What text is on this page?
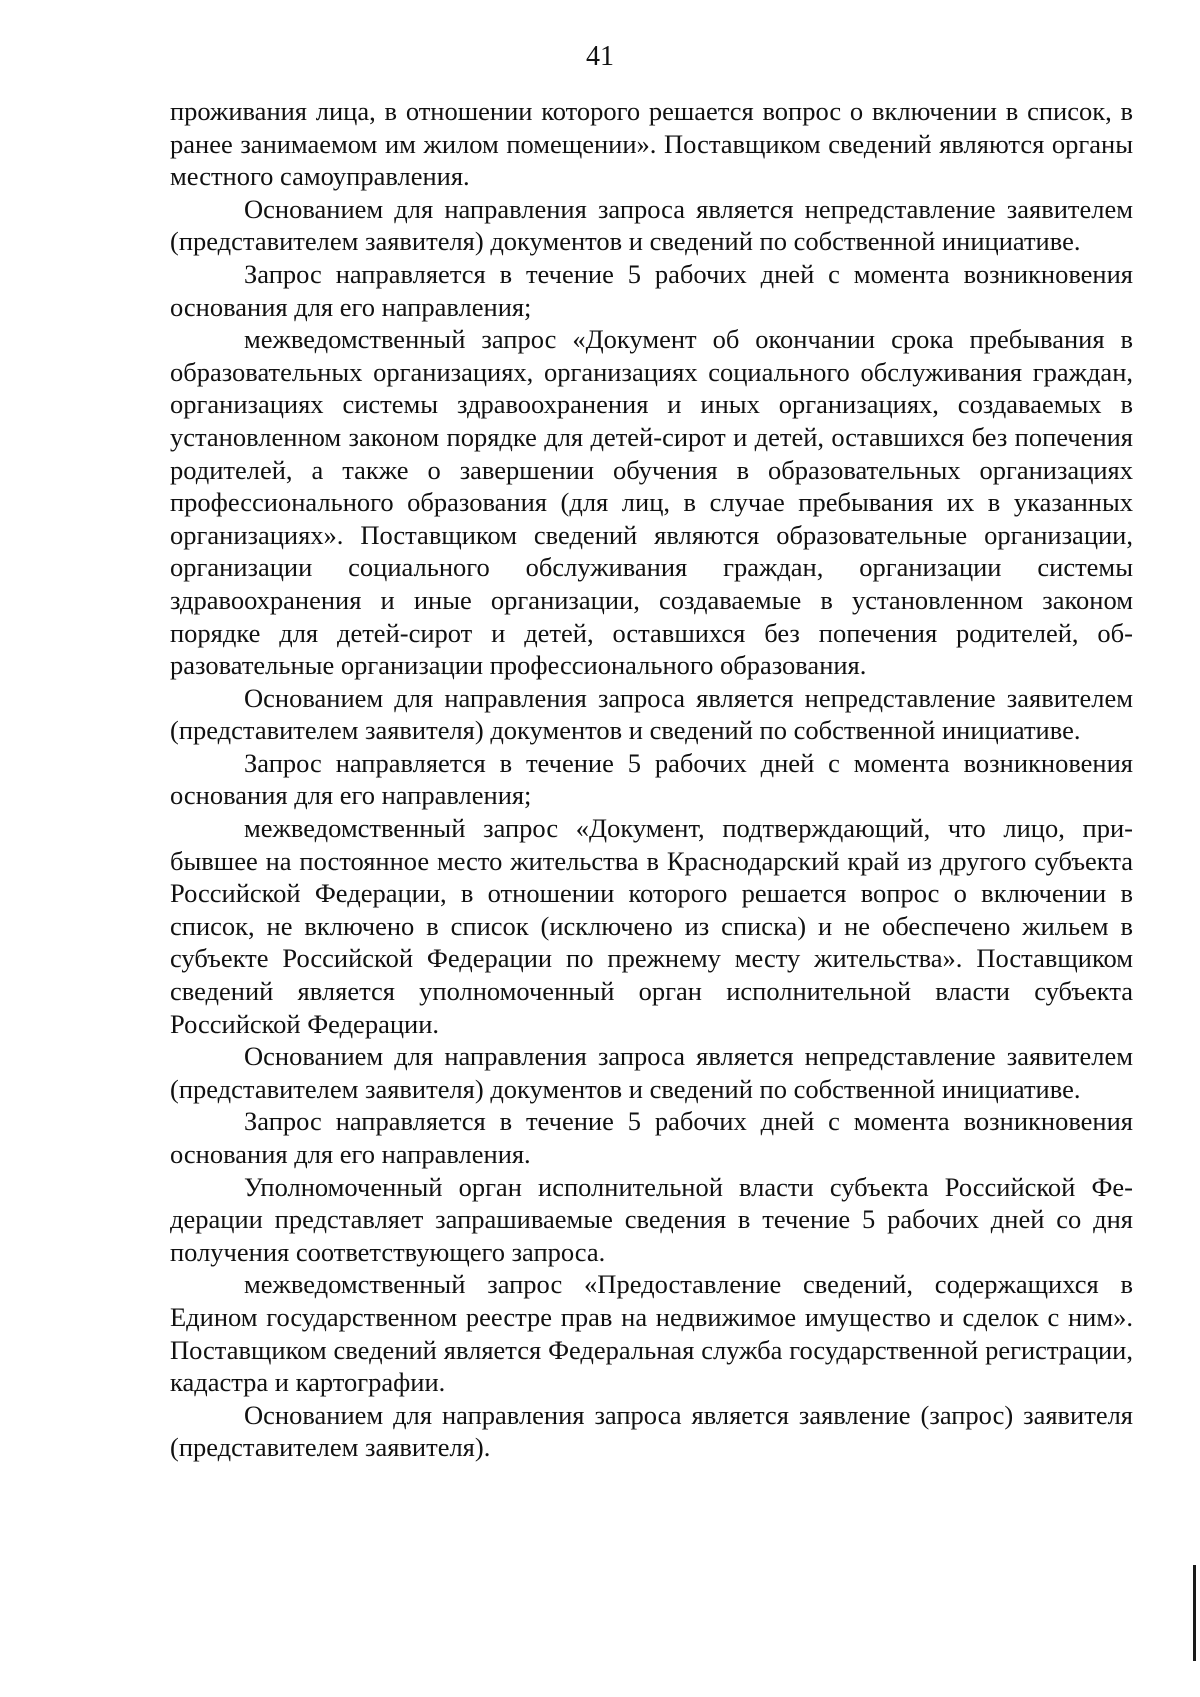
41

проживания лица, в отношении которого решается вопрос о включении в список, в ранее занимаемом им жилом помещении». Поставщиком сведений являются органы местного самоуправления.

Основанием для направления запроса является непредставление заявителем (представителем заявителя) документов и сведений по собственной инициативе.

Запрос направляется в течение 5 рабочих дней с момента возникновения основания для его направления;

межведомственный запрос «Документ об окончании срока пребывания в образовательных организациях, организациях социального обслуживания граждан, организациях системы здравоохранения и иных организациях, создаваемых в установленном законом порядке для детей-сирот и детей, оставшихся без попечения родителей, а также о завершении обучения в образовательных организациях профессионального образования (для лиц, в случае пребывания их в указанных организациях». Поставщиком сведений являются образовательные организации, организации социального обслуживания граждан, организации системы здравоохранения и иные организации, создаваемые в установленном законом порядке для детей-сирот и детей, оставшихся без попечения родителей, образовательные организации профессионального образования.

Основанием для направления запроса является непредставление заявителем (представителем заявителя) документов и сведений по собственной инициативе.

Запрос направляется в течение 5 рабочих дней с момента возникновения основания для его направления;

межведомственный запрос «Документ, подтверждающий, что лицо, прибывшее на постоянное место жительства в Краснодарский край из другого субъекта Российской Федерации, в отношении которого решается вопрос о включении в список, не включено в список (исключено из списка) и не обеспечено жильем в субъекте Российской Федерации по прежнему месту жительства». Поставщиком сведений является уполномоченный орган исполнительной власти субъекта Российской Федерации.

Основанием для направления запроса является непредставление заявителем (представителем заявителя) документов и сведений по собственной инициативе.

Запрос направляется в течение 5 рабочих дней с момента возникновения основания для его направления.

Уполномоченный орган исполнительной власти субъекта Российской Федерации представляет запрашиваемые сведения в течение 5 рабочих дней со дня получения соответствующего запроса.

межведомственный запрос «Предоставление сведений, содержащихся в Едином государственном реестре прав на недвижимое имущество и сделок с ним». Поставщиком сведений является Федеральная служба государственной регистрации, кадастра и картографии.

Основанием для направления запроса является заявление (запрос) заявителя (представителем заявителя).
